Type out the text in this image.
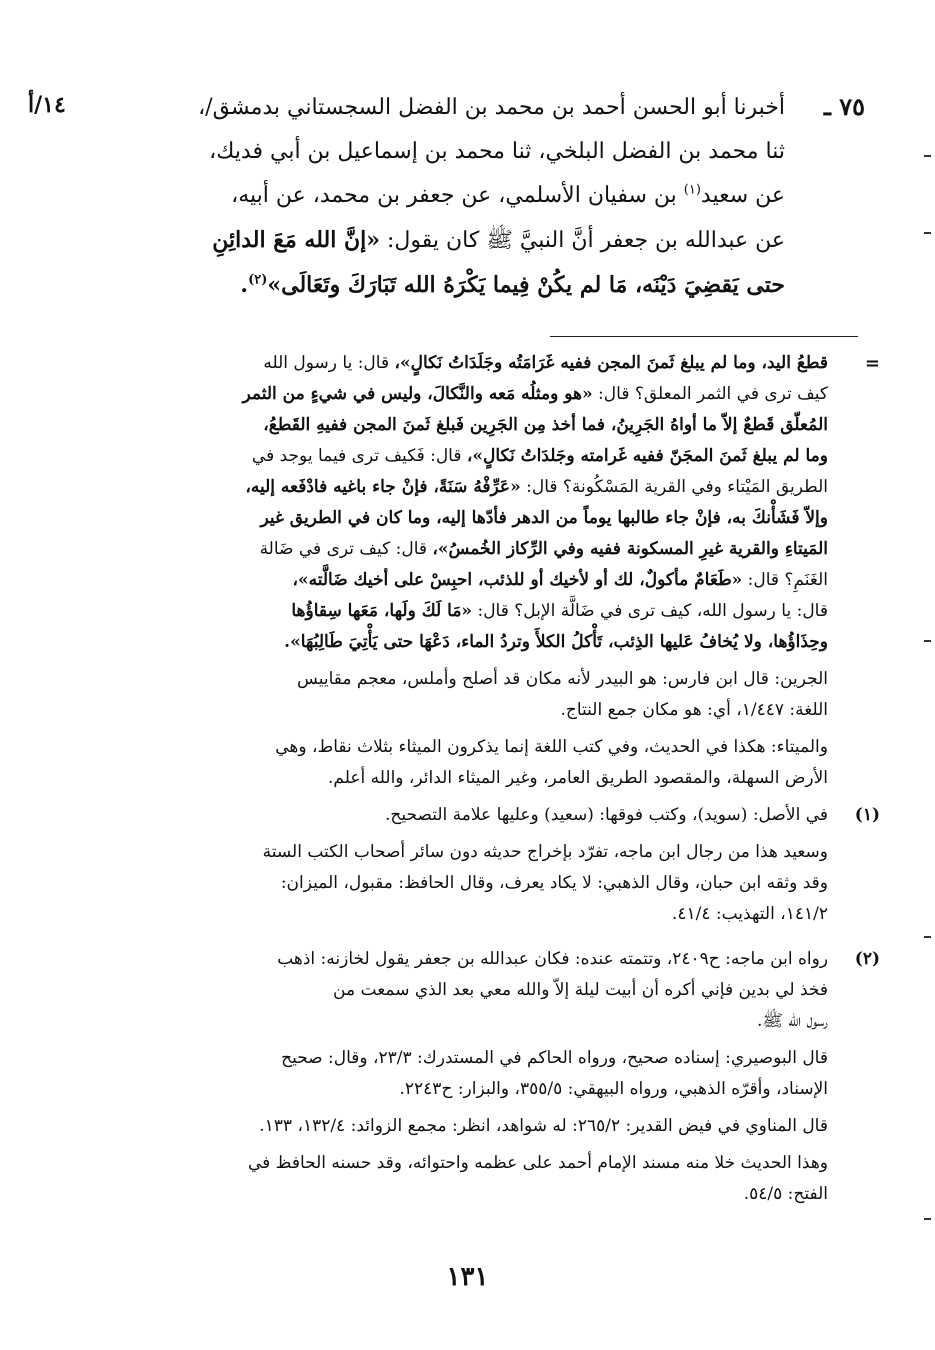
١٤/أ	٧٥ ـ
أخبرنا أبو الحسن أحمد بن محمد بن الفضل السجستاني بدمشق/،
ثنا محمد بن الفضل البلخي، ثنا محمد بن إسماعيل بن أبي فديك،
عن سعيد$^{(١)}$ بن سفيان الأسلمي، عن جعفر بن محمد، عن أبيه،
عن عبدالله بن جعفر أنَّ النبيَّ ﷺ كان يقول: «إنَّ الله مَعَ الدائِنِ
حتى يَقضِيَ دَيْنَه، مَا لم يكُنْ فِيما يَكْرَهُ الله تَبَارَكَ وتَعَالَى»$^{(٢)}$.
=
قطعُ اليد، وما لم يبلغ ثَمنَ المجن ففيه غَرَامَتُه وجَلَدَاتُ نَكالٍ»، قال: يا رسول الله
كيف ترى في الثمر المعلق؟ قال: «هو ومثلُه مَعه والنَّكالَ، وليس في شيءٍ من الثمر
المُعلّق قَطعٌ إلاّ ما أواهُ الجَرِينُ، فما أخذ مِن الجَرِين فَبلغ ثَمنَ المجن ففيهِ القَطعُ،
وما لم يبلغ ثَمنَ المجَنّ ففيه غَرامته وجَلدَاتُ نَكالٍ»، قال: فَكيف ترى فيما يوجد في
الطريق المَيْتاء وفي القرية المَسْكُونة؟ قال: «عَرِّفْهُ سَنَةً، فإنْ جاء باغيه فادْفَعه إليه،
وإلاّ فَشَأْنكَ به، فإنْ جاء طالبها يوماً من الدهر فأدّها إليه، وما كان في الطريق غير
المَيتاءِ والقرية غيرِ المسكونة ففيه وفي الرِّكاز الخُمسُ»، قال: كيف ترى في ضَالة
الغَنَمِ؟ قال: «طَعَامٌ مأكولٌ، لك أو لأخيك أو للذئب، احبِسْ على أخيك ضَالَّته»،
قال: يا رسول الله، كيف ترى في ضَالَّة الإبل؟ قال: «مَا لَكَ ولَها، مَعَها سِقاؤُها
وحِذَاؤُها، ولا يُخافُ عَليها الذِئب، تَأْكلُ الكلأَ وتردُ الماء، دَعْهَا حتى يَأْتِيَ طَالِبُهَا».
الجرين: قال ابن فارس: هو البيدر لأنه مكان قد أصلح وأملس، معجم مقاييس
اللغة: ١/٤٤٧، أي: هو مكان جمع النتاج.
والميتاء: هكذا في الحديث، وفي كتب اللغة إنما يذكرون الميثاء بثلاث نقاط، وهي
الأرض السهلة، والمقصود الطريق العامر، وغير الميثاء الدائر، والله أعلم.
(١)
في الأصل: (سويد)، وكتب فوقها: (سعيد) وعليها علامة التصحيح.
وسعيد هذا من رجال ابن ماجه، تفرّد بإخراج حديثه دون سائر أصحاب الكتب الستة
وقد وثقه ابن حبان، وقال الذهبي: لا يكاد يعرف، وقال الحافظ: مقبول، الميزان:
١٤١/٢، التهذيب: ٤١/٤.
(٢)
رواه ابن ماجه: ح٢٤٠٩، وتتمته عنده: فكان عبدالله بن جعفر يقول لخازنه: اذهب
فخذ لي بدين فإني أكره أن أبيت ليلة إلاّ والله معي بعد الذي سمعت من
رسول الله ﷺ.
قال البوصيري: إسناده صحيح، ورواه الحاكم في المستدرك: ٢٣/٣، وقال: صحيح
الإسناد، وأقرّه الذهبي، ورواه البيهقي: ٣٥٥/٥، والبزار: ح٢٢٤٣.
قال المناوي في فيض القدير: ٢٦٥/٢: له شواهد، انظر: مجمع الزوائد: ١٣٢/٤، ١٣٣.
وهذا الحديث خلا منه مسند الإمام أحمد على عظمه واحتوائه، وقد حسنه الحافظ في
الفتح: ٥٤/٥.
١٣١
